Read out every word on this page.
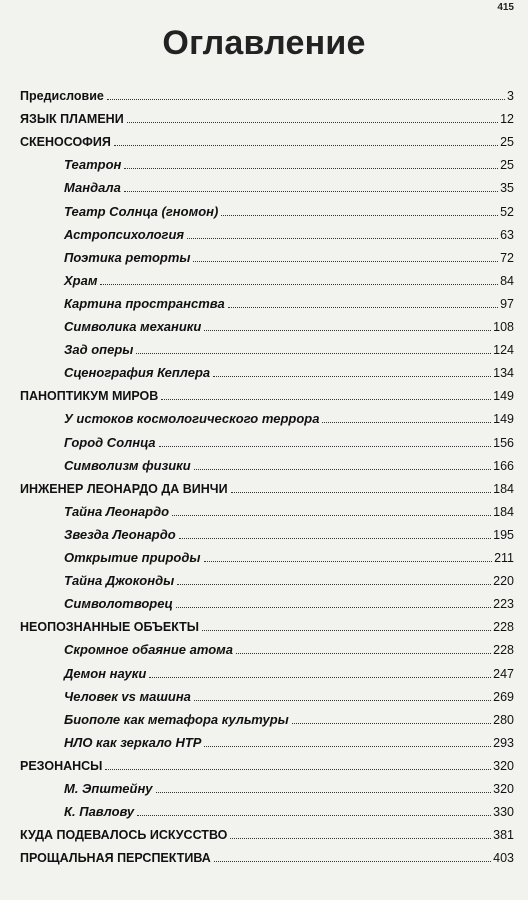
415
Оглавление
Предисловие	3
ЯЗЫК ПЛАМЕНИ	12
СКЕНОСОФИЯ	25
Театрон	25
Мандала	35
Театр Солнца (гномон)	52
Астропсихология	63
Поэтика реторты	72
Храм	84
Картина пространства	97
Символика механики	108
Зад оперы	124
Сценография Кеплера	134
ПАНОПТИКУМ МИРОВ	149
У истоков космологического террора	149
Город Солнца	156
Символизм физики	166
ИНЖЕНЕР ЛЕОНАРДО ДА ВИНЧИ	184
Тайна Леонардо	184
Звезда Леонардо	195
Открытие природы	211
Тайна Джоконды	220
Символотворец	223
НЕОПОЗНАННЫЕ ОБЪЕКТЫ	228
Скромное обаяние атома	228
Демон науки	247
Человек vs машина	269
Биополе как метафора культуры	280
НЛО как зеркало НТР	293
РЕЗОНАНСЫ	320
М. Эпштейну	320
К. Павлову	330
КУДА ПОДЕВАЛОСЬ ИСКУССТВО	381
ПРОЩАЛЬНАЯ ПЕРСПЕКТИВА	403
